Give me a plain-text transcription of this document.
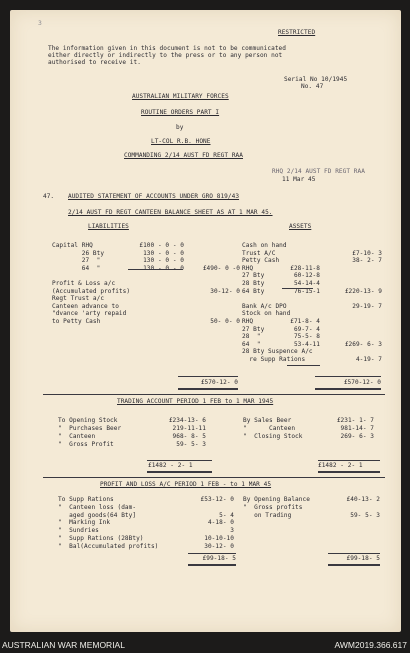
3
RESTRICTED
The information given in this document is not to be communicated
either directly or indirectly to the press or to any person not
authorised to receive it.
Serial No 10/1945
No. 47
AUSTRALIAN MILITARY FORCES
ROUTINE ORDERS PART I
by
LT-COL R.B. HONE
COMMANDING 2/14 AUST FD REGT RAA
RHQ 2/14 AUST FD REGT RAA
11 Mar 45
47. AUDITED STATEMENT OF ACCOUNTS UNDER GRO 819/43
2/14 AUST FD REGT CANTEEN BALANCE SHEET AS AT 1 MAR 45.
LIABILITIES	ASSETS
Capital RHQ	£100 - 0 - 0
26 Bty	130 - 0 - 0
27  "	130 - 0 - 0
64  "	130 - 0 - 0	£490- 0 -0
Profit & Loss a/c
(Accumulated profits)	30-12- 0
Regt Trust a/c
Canteen advance to
"dvance 'arty repaid
to Petty Cash	50- 0- 0
Cash on hand
Trust A/C	£7-10- 3
Petty Cash	38- 2- 7
RHQ	£28-11-8
27 Bty	60-12-8
28 Bty	54-14-4
64 Bty	76-15-1	£220-13- 9
Bank A/c DPO	29-19- 7
Stock on hand
RHQ	£71-8- 4
27 Bty	69-7- 4
28  "	75-5- 8
64  "	53-4-11	£269- 6- 3
28 Bty Suspence A/c
re Supp Rations	4-19- 7
£570-12- 0	£570-12- 0
TRADING ACCOUNT PERIOD 1 FEB to 1 MAR 1945
To Opening Stock	£234-13- 6
"  Purchases Beer	219-11-11
"  Canteen	968- 8- 5
"  Gross Profit	59- 5- 3
By Sales Beer	£231- 1- 7
"      Canteen	981-14- 7
"  Closing Stock	269- 6- 3
£1482 - 2- 1	£1482 - 2- 1
PROFIT AND LOSS A/C PERIOD 1 FEB - to 1 MAR 45
To Supp Rations	£53-12- 0
"  Canteen loss (dam-
aged goods(64 Bty]	5- 4
"  Marking Ink	4-18- 0
"  Sundries	3
"  Supp Rations (28Bty)	10-10-10
"  Bal(Accumulated profits)	30-12- 0
By Opening Balance	£40-13- 2
"  Gross profits
on Trading	59- 5- 3
£99-18- 5	£99-18- 5
AUSTRALIAN WAR MEMORIAL	AWM2019.366.617
